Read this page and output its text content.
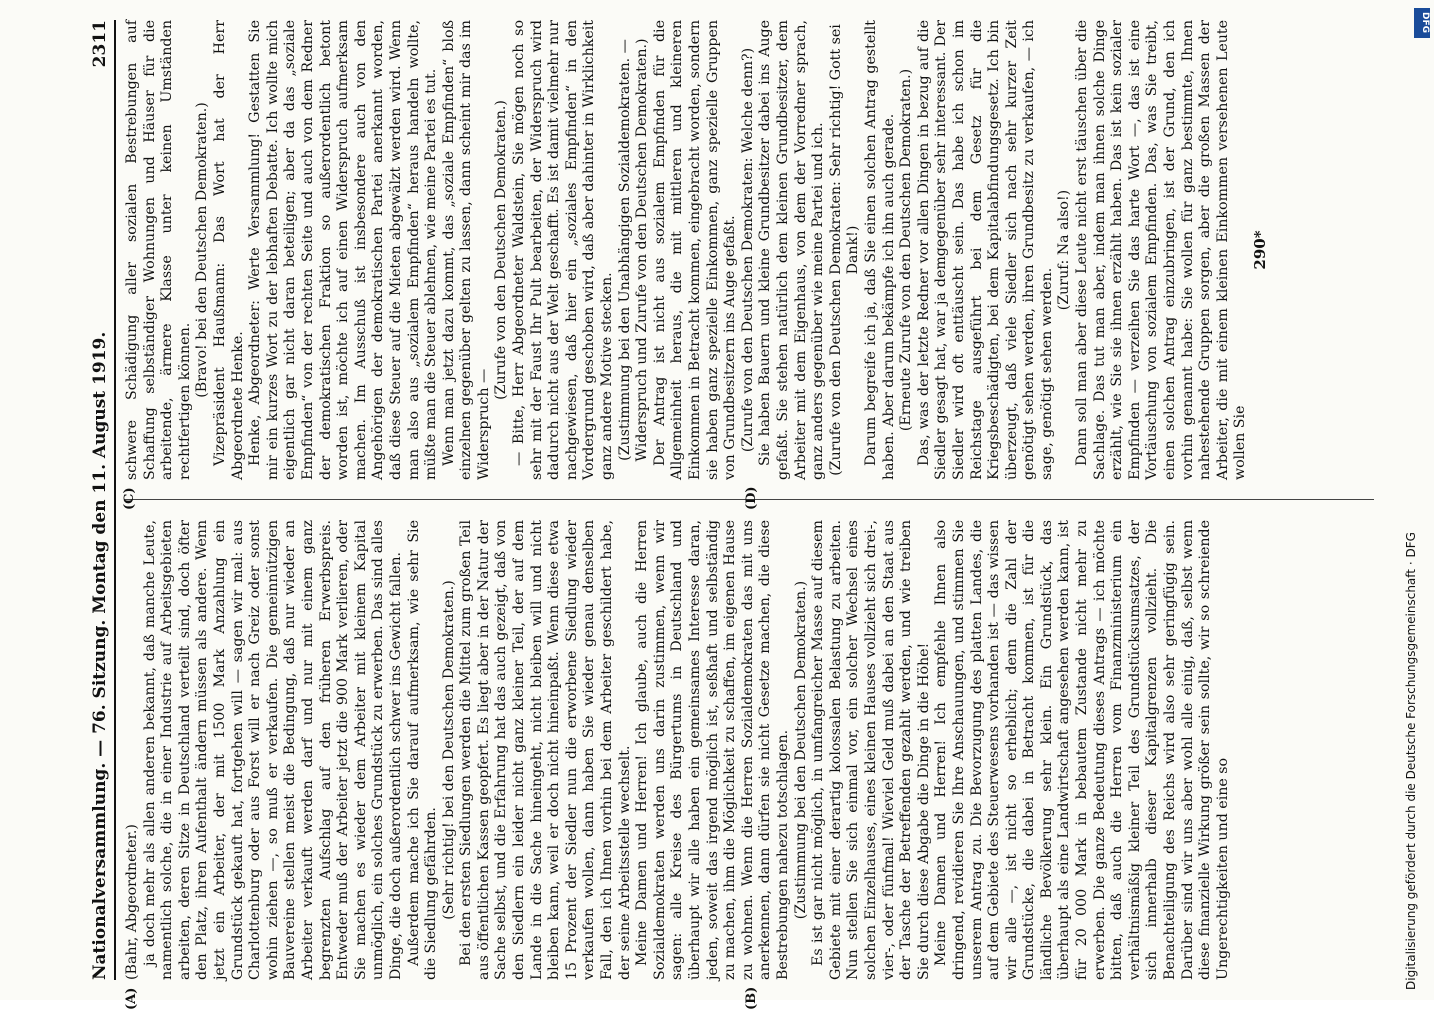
Nationalversammlung. — 76. Sitzung. Montag den 11. August 1919.
2311

(Bahr, Abgeordneter.) ja doch mehr als allen anderen bekannt, daß manche Leute, namentlich solche, die in einer Industrie auf Arbeitsgebieten arbeiten, deren Sitze in Deutschland verteilt sind, doch öfter den Platz, ihren Aufenthalt ändern müssen als andere. Wenn jetzt ein Arbeiter, der mit 1500 Mark Anzahlung ein Grundstück gekauft hat, fortgehen will — sagen wir mal: aus Charlottenburg oder aus Forst will er nach Greiz oder sonst wohin ziehen —, so muß er verkaufen. Die gemeinnützigen Bauvereine stellen meist die Bedingung, daß nur wieder an Arbeiter verkauft werden darf und nur mit einem ganz begrenzten Aufschlag auf den früheren Erwerbspreis. Entweder muß der Arbeiter jetzt die 900 Mark verlieren, oder Sie machen es wieder dem Arbeiter mit kleinem Kapital unmöglich, ein solches Grundstück zu erwerben. Das sind alles Dinge, die doch außerordentlich schwer ins Gewicht fallen. Außerdem mache ich Sie darauf aufmerksam, wie sehr Sie die Siedlung gefährden. (Sehr richtig! bei den Deutschen Demokraten.) Bei den ersten Siedlungen werden die Mittel zum großen Teil aus öffentlichen Kassen geopfert. Es liegt aber in der Natur der Sache selbst, und die Erfahrung hat das auch gezeigt, daß von den Siedlern ein leider nicht ganz kleiner Teil, der auf dem Lande in die Sache hineingeht, nicht bleiben will und nicht bleiben kann, weil er doch nicht hineinpaßt. Wenn diese etwa 15 Prozent der Siedler nun die erworbene Siedlung wieder verkaufen wollen, dann haben Sie wieder genau denselben Fall, den ich Ihnen vorhin bei dem Arbeiter geschildert habe, der seine Arbeitsstelle wechselt. Meine Damen und Herren! Ich glaube, auch die Herren Sozialdemokraten werden uns darin zustimmen, wenn wir sagen: alle Kreise des Bürgertums in Deutschland und überhaupt wir alle haben ein gemeinsames Interesse daran, jeden, soweit das irgend möglich ist, seßhaft und selbständig zu machen, ihm die Möglichkeit zu schaffen, im eigenen Hause zu wohnen. Wenn die Herren Sozialdemokraten das mit uns anerkennen, dann dürfen sie nicht Gesetze machen, die diese Bestrebungen nahezu totschlagen. (Zustimmung bei den Deutschen Demokraten.) Es ist gar nicht möglich, in umfangreicher Masse auf diesem Gebiete mit einer derartig kolossalen Belastung zu arbeiten. Nun stellen Sie sich einmal vor, ein solcher Wechsel eines solchen Einzelhauses, eines kleinen Hauses vollzieht sich drei-, vier-, oder fünfmal! Wieviel Geld muß dabei an den Staat aus der Tasche der Betreffenden gezahlt werden, und wie treiben Sie durch diese Abgabe die Dinge in die Höhe! Meine Damen und Herren! Ich empfehle Ihnen also dringend, revidieren Sie Ihre Anschauungen, und stimmen Sie unserem Antrag zu. Die Bevorzugung des platten Landes, die auf dem Gebiete des Steuerwesens vorhanden ist — das wissen wir alle —, ist nicht so erheblich; denn die Zahl der Grundstücke, die dabei in Betracht kommen, ist für die ländliche Bevölkerung sehr klein. Ein Grundstück, das überhaupt als eine Landwirtschaft angesehen werden kann, ist für 20 000 Mark in bebautem Zustande nicht mehr zu erwerben. Die ganze Bedeutung dieses Antrags — ich möchte bitten, daß auch die Herren vom Finanzministerium ein verhältnismäßig kleiner Teil des Grundstücksumsatzes, der sich innerhalb dieser Kapitalgrenzen vollzieht. Die Benachteiligung des Reichs wird also sehr geringfügig sein. Darüber sind wir uns aber wohl alle einig, daß, selbst wenn diese finanzielle Wirkung größer sein sollte, wir so schreiende Ungerechtigkeiten und eine so

schwere Schädigung aller sozialen Bestrebungen auf Schaffung selbständiger Wohnungen und Häuser für die arbeitende, ärmere Klasse unter keinen Umständen rechtfertigen können.

(Bravo! bei den Deutschen Demokraten.) Vizepräsident Haußmann: Das Wort hat der Herr Abgeordnete Henke. Henke, Abgeordneter: Werte Versammlung! Gestatten Sie mir ein kurzes Wort zu der lebhaften Debatte. Ich wollte mich eigentlich gar nicht daran beteiligen; aber da das „soziale Empfinden“ von der rechten Seite und auch von dem Redner der demokratischen Fraktion so außerordentlich betont worden ist, möchte ich auf einen Widerspruch aufmerksam machen. Im Ausschuß ist insbesondere auch von den Angehörigen der demokratischen Partei anerkannt worden, daß diese Steuer auf die Mieten abgewälzt werden wird. Wenn man also aus „sozialem Empfinden“ heraus handeln wollte, müßte man die Steuer ablehnen, wie meine Partei es tut. Wenn man jetzt dazu kommt, das „soziale Empfinden“ bloß einzelnen gegenüber gelten zu lassen, dann scheint mir das im Widerspruch —

(Zurufe von den Deutschen Demokraten.) — Bitte, Herr Abgeordneter Waldstein, Sie mögen noch so sehr mit der Faust Ihr Pult bearbeiten, der Widerspruch wird dadurch nicht aus der Welt geschafft. Es ist damit vielmehr nur nachgewiesen, daß hier ein „soziales Empfinden“ in den Vordergrund geschoben wird, daß aber dahinter in Wirklichkeit ganz andere Motive stecken. (Zustimmung bei den Unabhängigen Sozialdemokraten. — Widerspruch und Zurufe von den Deutschen Demokraten.) Der Antrag ist nicht aus sozialem Empfinden für die Allgemeinheit heraus, die mit mittleren und kleineren Einkommen in Betracht kommen, eingebracht worden, sondern sie haben ganz spezielle Einkommen, ganz spezielle Gruppen von Grundbesitzern ins Auge gefaßt. (Zurufe von den Deutschen Demokraten: Welche denn?) Sie haben Bauern und kleine Grundbesitzer dabei ins Auge gefaßt. Sie stehen natürlich dem kleinen Grundbesitzer, dem Arbeiter mit dem Eigenhaus, von dem der Vorredner sprach, ganz anders gegenüber wie meine Partei und ich. (Zurufe von den Deutschen Demokraten: Sehr richtig! Gott sei Dank!) Darum begreife ich ja, daß Sie einen solchen Antrag gestellt haben. Aber darum bekämpfe ich ihn auch gerade. (Erneute Zurufe von den Deutschen Demokraten.) Das, was der letzte Redner vor allen Dingen in bezug auf die Siedler gesagt hat, war ja demgegenüber sehr interessant. Der Siedler wird oft enttäuscht sein. Das habe ich schon im Reichstage ausgeführt bei dem Gesetz für die Kriegsbeschädigten, bei dem Kapitalabfindungsgesetz. Ich bin überzeugt, daß viele Siedler sich nach sehr kurzer Zeit genötigt sehen werden, ihren Grundbesitz zu verkaufen, — ich sage, genötigt sehen werden.

(Zuruf: Na also!) Dann soll man aber diese Leute nicht erst täuschen über die Sachlage. Das tut man aber, indem man ihnen solche Dinge erzählt, wie Sie sie ihnen erzählt haben. Das ist kein sozialer Empfinden — verzeihen Sie das harte Wort —, das ist eine Vortäuschung von sozialem Empfinden. Das, was Sie treibt, einen solchen Antrag einzubringen, ist der Grund, den ich vorhin genannt habe: Sie wollen für ganz bestimmte, Ihnen nahestehende Gruppen sorgen, aber die großen Massen der Arbeiter, die mit einem kleinen Einkommen versehenen Leute wollen Sie

290*
(A)	(B)
(C)	(D)
Digitalisierung gefördert durch die Deutsche Forschungsgemeinschaft · DFG
DFG
